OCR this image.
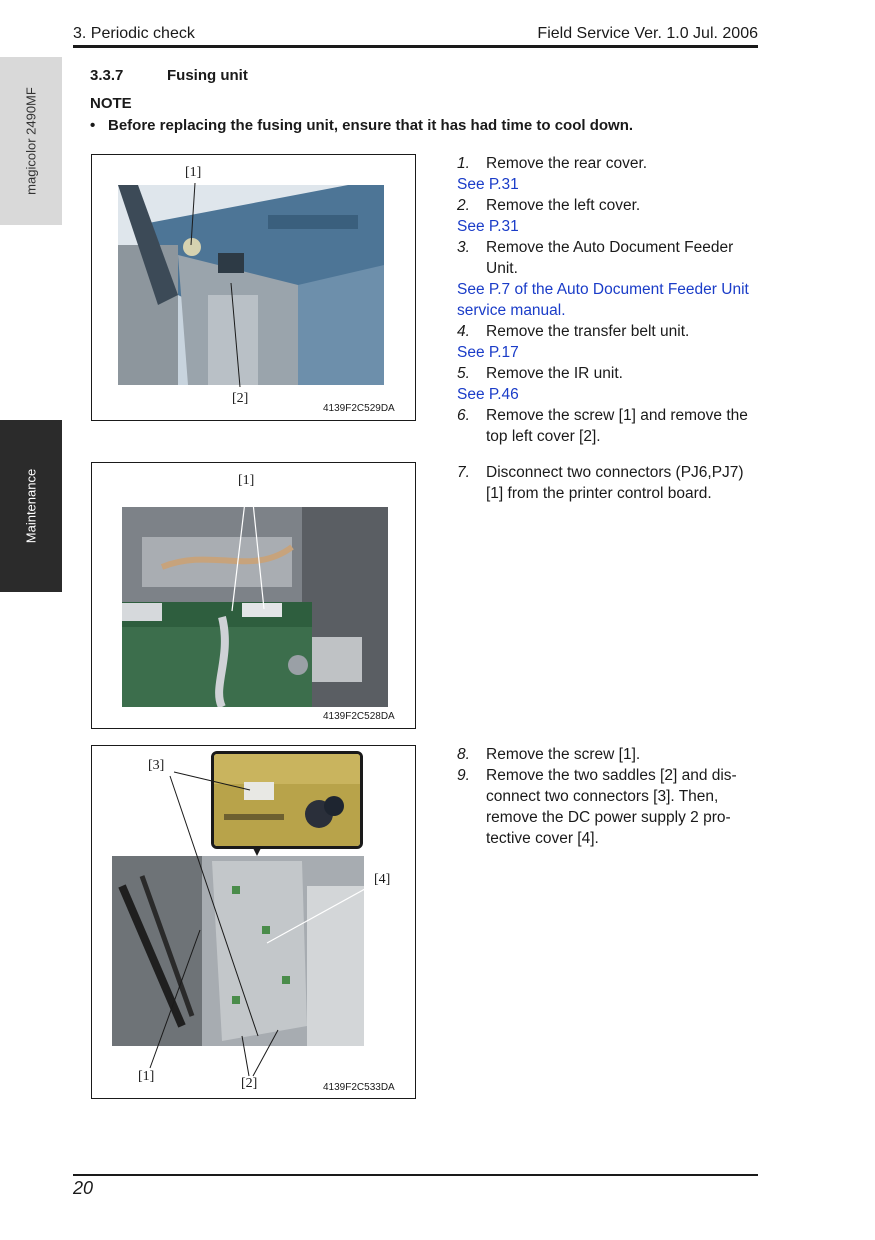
3. Periodic check	Field Service Ver. 1.0 Jul. 2006
magicolor 2490MF
Maintenance
3.3.7	Fusing unit
NOTE
• Before replacing the fusing unit, ensure that it has had time to cool down.
[1]
[2]
4139F2C529DA
[1]
4139F2C528DA
[3]
[4]
[1]	[2]	4139F2C533DA
1.	Remove the rear cover.
See P.31
2.	Remove the left cover.
See P.31
3.	Remove the Auto Document Feeder Unit.
See P.7 of the Auto Document Feeder Unit service manual.
4.	Remove the transfer belt unit.
See P.17
5.	Remove the IR unit.
See P.46
6.	Remove the screw [1] and remove the top left cover [2].
7.	Disconnect two connectors (PJ6,PJ7) [1] from the printer control board.
8.	Remove the screw [1].
9.	Remove the two saddles [2] and dis-connect two connectors [3]. Then, remove the DC power supply 2 pro-tective cover [4].
20
